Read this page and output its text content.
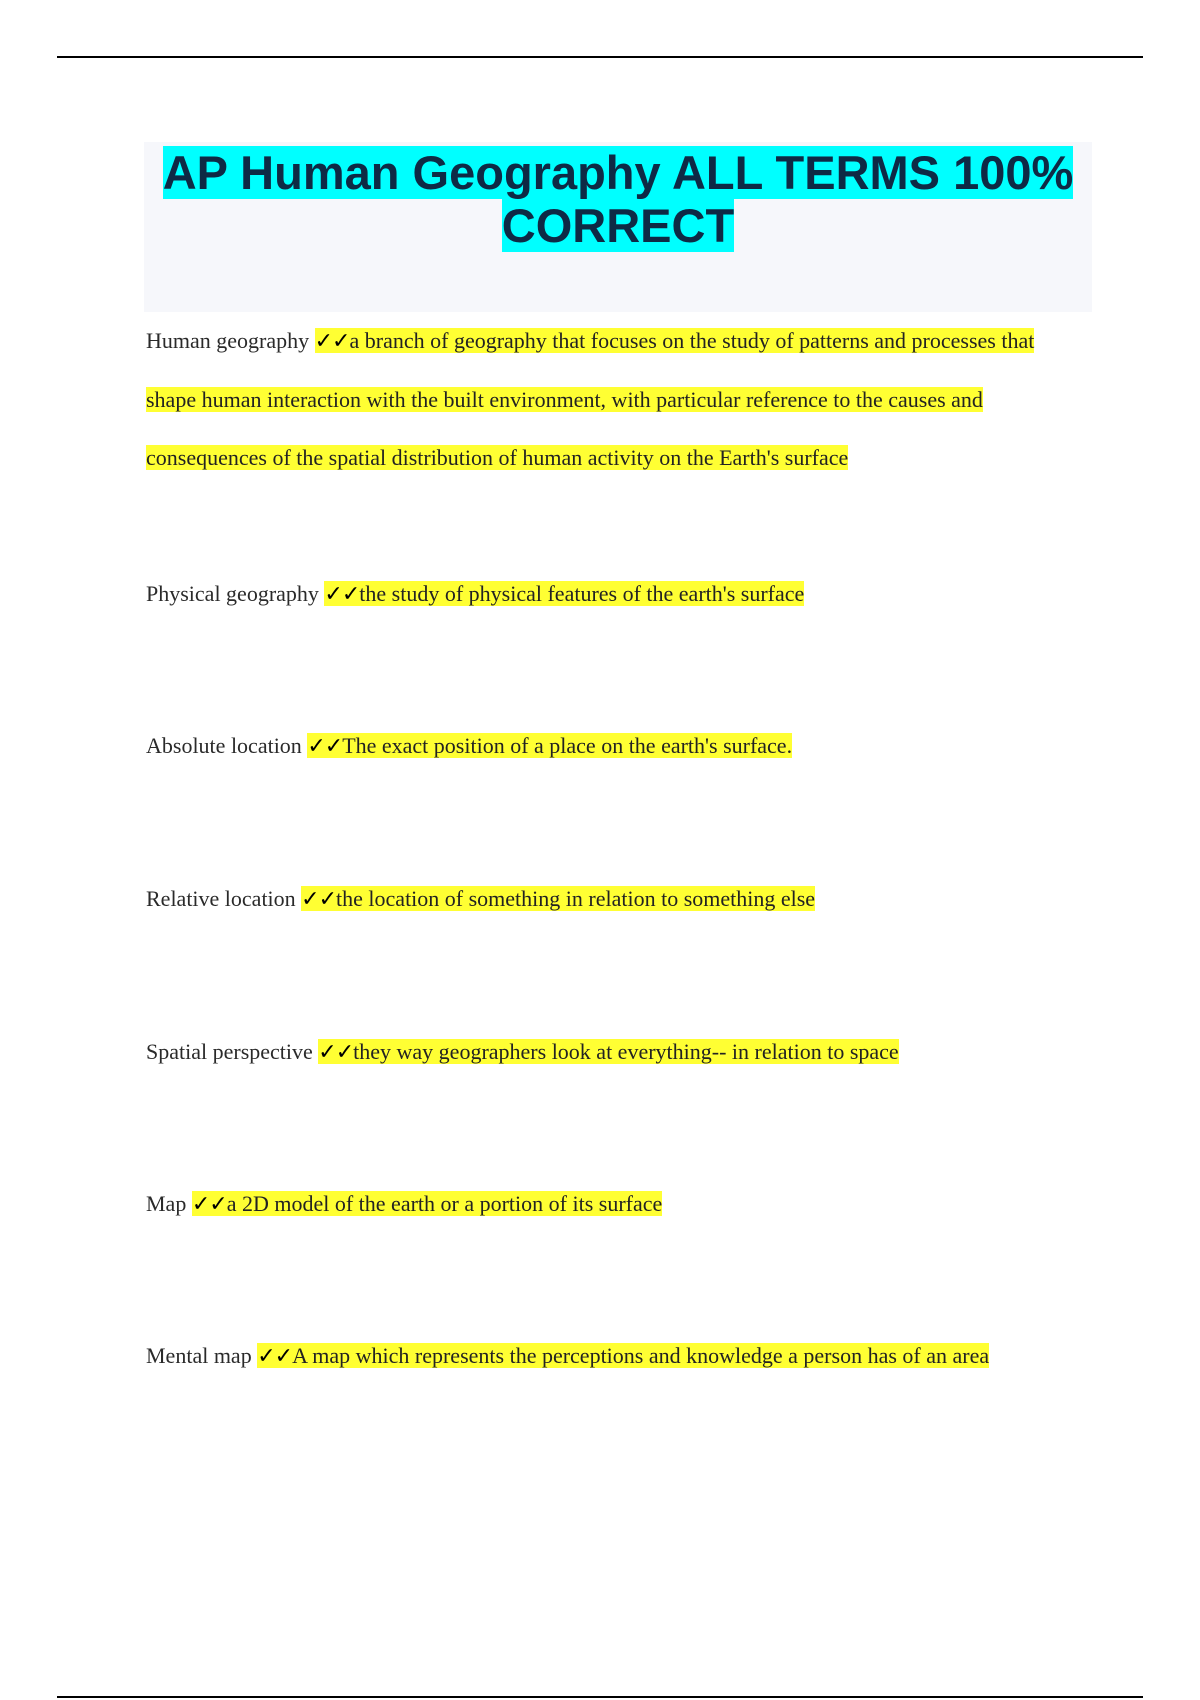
AP Human Geography ALL TERMS 100%
CORRECT
Human geography ✓✓a branch of geography that focuses on the study of patterns and processes that shape human interaction with the built environment, with particular reference to the causes and consequences of the spatial distribution of human activity on the Earth's surface
Physical geography ✓✓the study of physical features of the earth's surface
Absolute location ✓✓The exact position of a place on the earth's surface.
Relative location ✓✓the location of something in relation to something else
Spatial perspective ✓✓they way geographers look at everything-- in relation to space
Map ✓✓a 2D model of the earth or a portion of its surface
Mental map ✓✓A map which represents the perceptions and knowledge a person has of an area
